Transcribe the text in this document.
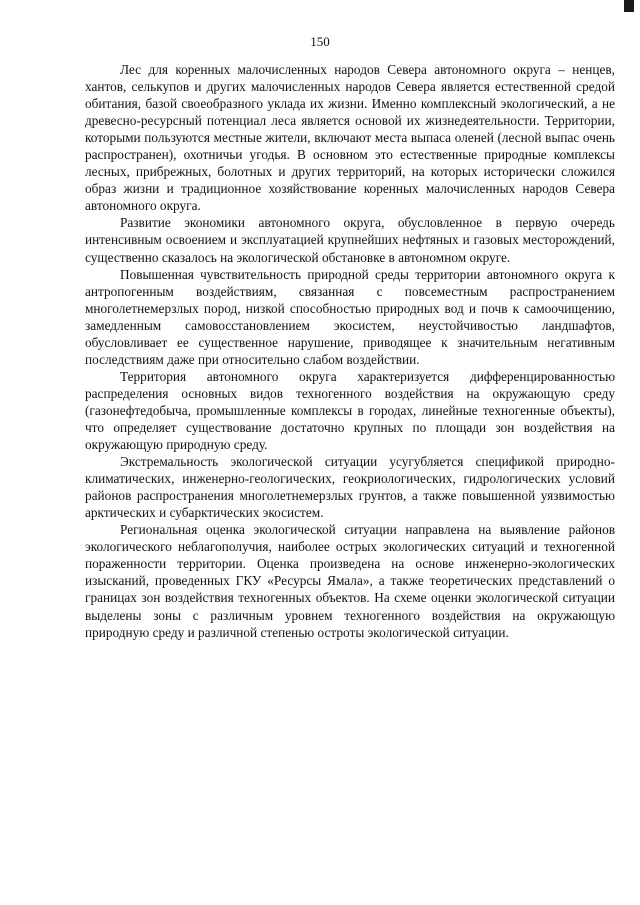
150

Лес для коренных малочисленных народов Севера автономного округа – ненцев, хантов, селькупов и других малочисленных народов Севера является естественной средой обитания, базой своеобразного уклада их жизни. Именно комплексный экологический, а не древесно-ресурсный потенциал леса является основой их жизнедеятельности. Территории, которыми пользуются местные жители, включают места выпаса оленей (лесной выпас очень распространен), охотничьи угодья. В основном это естественные природные комплексы лесных, прибрежных, болотных и других территорий, на которых исторически сложился образ жизни и традиционное хозяйствование коренных малочисленных народов Севера автономного округа.

Развитие экономики автономного округа, обусловленное в первую очередь интенсивным освоением и эксплуатацией крупнейших нефтяных и газовых месторождений, существенно сказалось на экологической обстановке в автономном округе.

Повышенная чувствительность природной среды территории автономного округа к антропогенным воздействиям, связанная с повсеместным распространением многолетнемерзлых пород, низкой способностью природных вод и почв к самоочищению, замедленным самовосстановлением экосистем, неустойчивостью ландшафтов, обусловливает ее существенное нарушение, приводящее к значительным негативным последствиям даже при относительно слабом воздействии.

Территория автономного округа характеризуется дифференцированностью распределения основных видов техногенного воздействия на окружающую среду (газонефтедобыча, промышленные комплексы в городах, линейные техногенные объекты), что определяет существование достаточно крупных по площади зон воздействия на окружающую природную среду.

Экстремальность экологической ситуации усугубляется спецификой природно-климатических, инженерно-геологических, геокриологических, гидрологических условий районов распространения многолетнемерзлых грунтов, а также повышенной уязвимостью арктических и субарктических экосистем.

Региональная оценка экологической ситуации направлена на выявление районов экологического неблагополучия, наиболее острых экологических ситуаций и техногенной пораженности территории. Оценка произведена на основе инженерно-экологических изысканий, проведенных ГКУ «Ресурсы Ямала», а также теоретических представлений о границах зон воздействия техногенных объектов. На схеме оценки экологической ситуации выделены зоны с различным уровнем техногенного воздействия на окружающую природную среду и различной степенью остроты экологической ситуации.
